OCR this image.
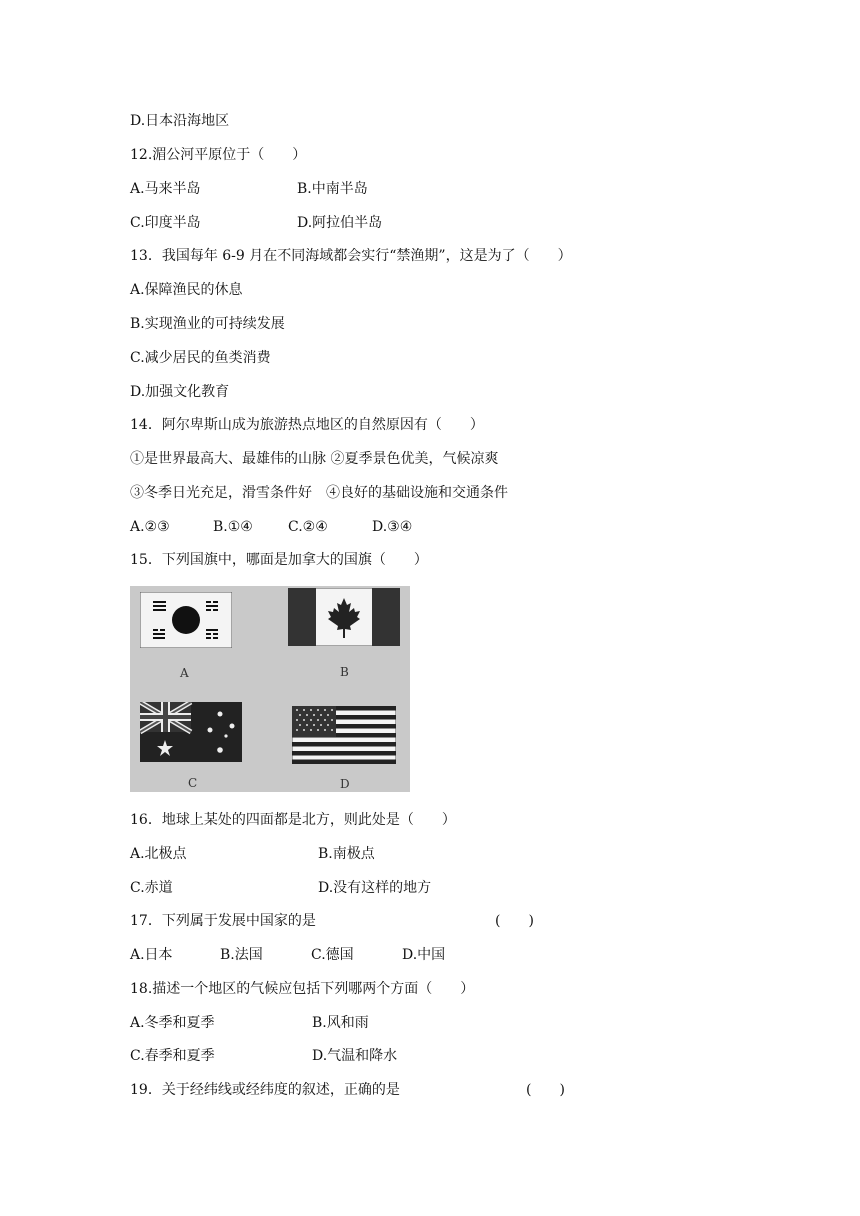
D.日本沿海地区
12.湄公河平原位于（　　）
A.马来半岛	B.中南半岛
C.印度半岛	D.阿拉伯半岛
13．我国每年 6-9 月在不同海域都会实行“禁渔期”，这是为了（　　）
A.保障渔民的休息
B.实现渔业的可持续发展
C.减少居民的鱼类消费
D.加强文化教育
14．阿尔卑斯山成为旅游热点地区的自然原因有（　　）
①是世界最高大、最雄伟的山脉 ②夏季景色优美，气候凉爽
③冬季日光充足，滑雪条件好　④良好的基础设施和交通条件
A.②③	B.①④	C.②④	D.③④
15．下列国旗中，哪面是加拿大的国旗（　　）
A	B
C	D
16．地球上某处的四面都是北方，则此处是（　　）
A.北极点	B.南极点
C.赤道	D.没有这样的地方
17．下列属于发展中国家的是	(　　)
A.日本	B.法国	C.德国	D.中国
18.描述一个地区的气候应包括下列哪两个方面（　　）
A.冬季和夏季	B.风和雨
C.春季和夏季	D.气温和降水
19．关于经纬线或经纬度的叙述，正确的是	(　　)
